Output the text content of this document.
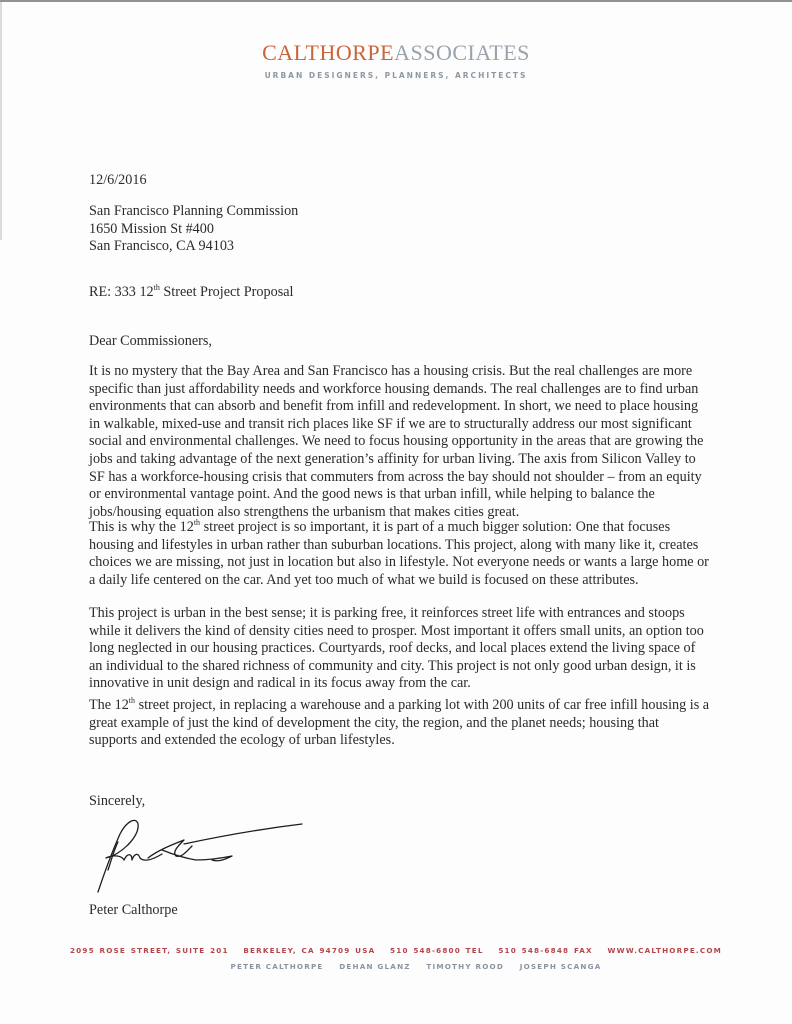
CALTHORPEASSOCIATES
URBAN DESIGNERS, PLANNERS, ARCHITECTS
12/6/2016
San Francisco Planning Commission
1650 Mission St #400
San Francisco, CA 94103
RE: 333 12th Street Project Proposal
Dear Commissioners,
It is no mystery that the Bay Area and San Francisco has a housing crisis. But the real challenges are more
specific than just affordability needs and workforce housing demands. The real challenges are to find urban
environments that can absorb and benefit from infill and redevelopment. In short, we need to place housing
in walkable, mixed-use and transit rich places like SF if we are to structurally address our most significant
social and environmental challenges. We need to focus housing opportunity in the areas that are growing the
jobs and taking advantage of the next generation’s affinity for urban living. The axis from Silicon Valley to
SF has a workforce-housing crisis that commuters from across the bay should not shoulder – from an equity
or environmental vantage point. And the good news is that urban infill, while helping to balance the
jobs/housing equation also strengthens the urbanism that makes cities great.
This is why the 12th street project is so important, it is part of a much bigger solution: One that focuses
housing and lifestyles in urban rather than suburban locations. This project, along with many like it, creates
choices we are missing, not just in location but also in lifestyle. Not everyone needs or wants a large home or
a daily life centered on the car. And yet too much of what we build is focused on these attributes.
This project is urban in the best sense; it is parking free, it reinforces street life with entrances and stoops
while it delivers the kind of density cities need to prosper. Most important it offers small units, an option too
long neglected in our housing practices. Courtyards, roof decks, and local places extend the living space of
an individual to the shared richness of community and city. This project is not only good urban design, it is
innovative in unit design and radical in its focus away from the car.
The 12th street project, in replacing a warehouse and a parking lot with 200 units of car free infill housing is a
great example of just the kind of development the city, the region, and the planet needs; housing that
supports and extended the ecology of urban lifestyles.
Sincerely,
Peter Calthorpe
2095 ROSE STREET, SUITE 201 BERKELEY, CA 94709 USA 510 548-6800 TEL 510 548-6848 FAX WWW.CALTHORPE.COM
PETER CALTHORPE DEHAN GLANZ TIMOTHY ROOD JOSEPH SCANGA
